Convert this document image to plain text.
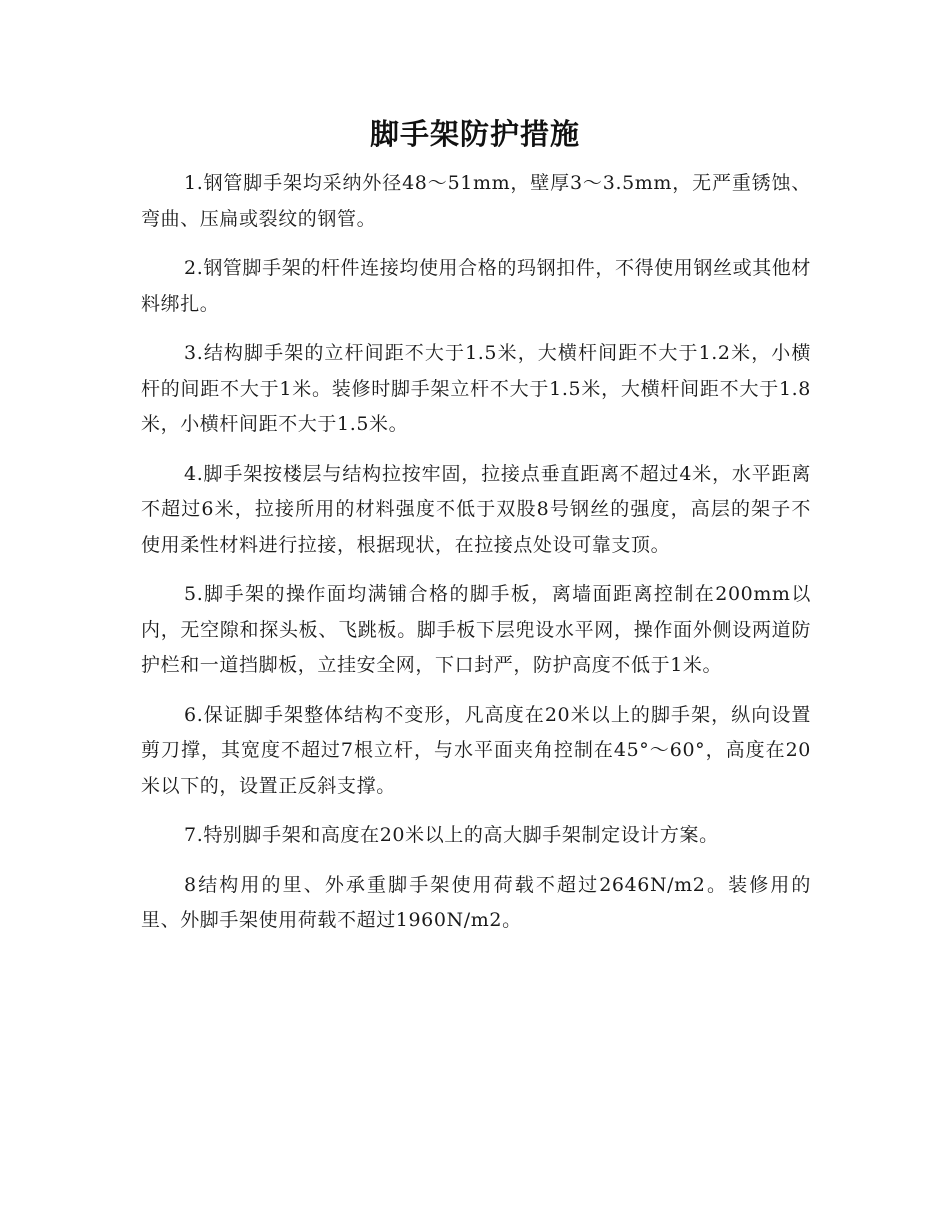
脚手架防护措施

1.钢管脚手架均采纳外径48～51mm，壁厚3～3.5mm，无严重锈蚀、弯曲、压扁或裂纹的钢管。

2.钢管脚手架的杆件连接均使用合格的玛钢扣件，不得使用钢丝或其他材料绑扎。

3.结构脚手架的立杆间距不大于1.5米，大横杆间距不大于1.2米，小横杆的间距不大于1米。装修时脚手架立杆不大于1.5米，大横杆间距不大于1.8米，小横杆间距不大于1.5米。

4.脚手架按楼层与结构拉按牢固，拉接点垂直距离不超过4米，水平距离不超过6米，拉接所用的材料强度不低于双股8号钢丝的强度，高层的架子不使用柔性材料进行拉接，根据现状，在拉接点处设可靠支顶。

5.脚手架的操作面均满铺合格的脚手板，离墙面距离控制在200mm以内，无空隙和探头板、飞跳板。脚手板下层兜设水平网，操作面外侧设两道防护栏和一道挡脚板，立挂安全网，下口封严，防护高度不低于1米。

6.保证脚手架整体结构不变形，凡高度在20米以上的脚手架，纵向设置剪刀撑，其宽度不超过7根立杆，与水平面夹角控制在45°～60°，高度在20米以下的，设置正反斜支撑。

7.特别脚手架和高度在20米以上的高大脚手架制定设计方案。

8结构用的里、外承重脚手架使用荷载不超过2646N/m2。装修用的里、外脚手架使用荷载不超过1960N/m2。
